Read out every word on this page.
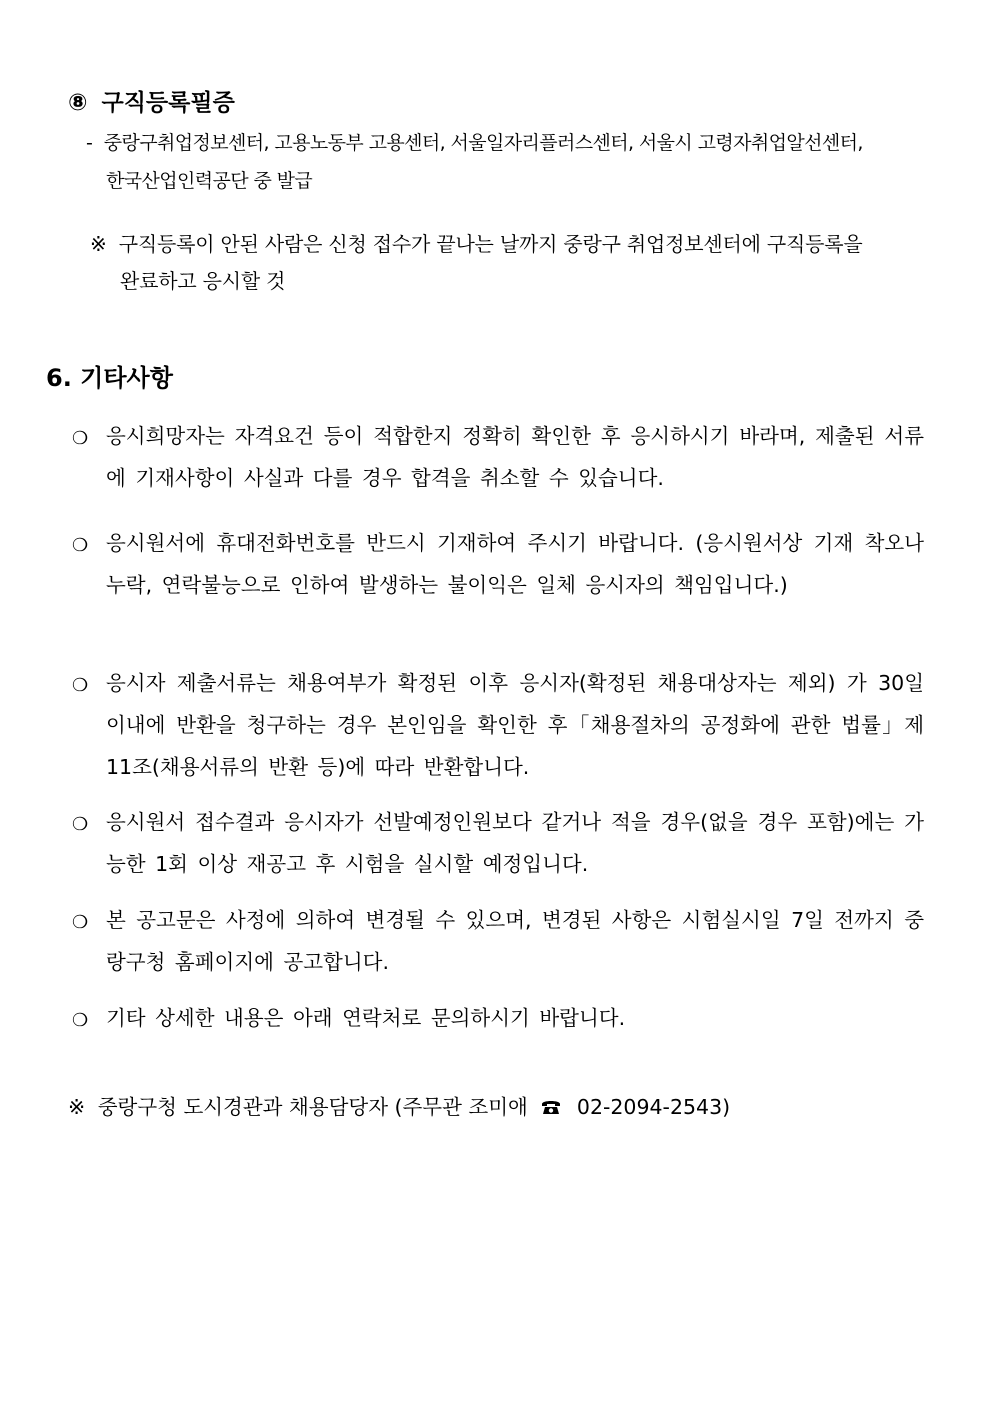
⑧ 구직등록필증
- 중랑구취업정보센터, 고용노동부 고용센터, 서울일자리플러스센터, 서울시 고령자취업알선센터,
한국산업인력공단 중 발급
※ 구직등록이 안된 사람은 신청 접수가 끝나는 날까지 중랑구 취업정보센터에 구직등록을
완료하고 응시할 것
6. 기타사항
❍ 응시희망자는 자격요건 등이 적합한지 정확히 확인한 후 응시하시기 바라며, 제출된 서류에 기재사항이 사실과 다를 경우 합격을 취소할 수 있습니다.
❍ 응시원서에 휴대전화번호를 반드시 기재하여 주시기 바랍니다. (응시원서상 기재 착오나 누락, 연락불능으로 인하여 발생하는 불이익은 일체 응시자의 책임입니다.)
❍ 응시자 제출서류는 채용여부가 확정된 이후 응시자(확정된 채용대상자는 제외) 가 30일이내에 반환을 청구하는 경우 본인임을 확인한 후「채용절차의 공정화에 관한 법률」제11조(채용서류의 반환 등)에 따라 반환합니다.
❍ 응시원서 접수결과 응시자가 선발예정인원보다 같거나 적을 경우(없을 경우 포함)에는 가능한 1회 이상 재공고 후 시험을 실시할 예정입니다.
❍ 본 공고문은 사정에 의하여 변경될 수 있으며, 변경된 사항은 시험실시일 7일 전까지 중랑구청 홈페이지에 공고합니다.
❍ 기타 상세한 내용은 아래 연락처로 문의하시기 바랍니다.
※ 중랑구청 도시경관과 채용담당자 (주무관 조미애 02-2094-2543)
